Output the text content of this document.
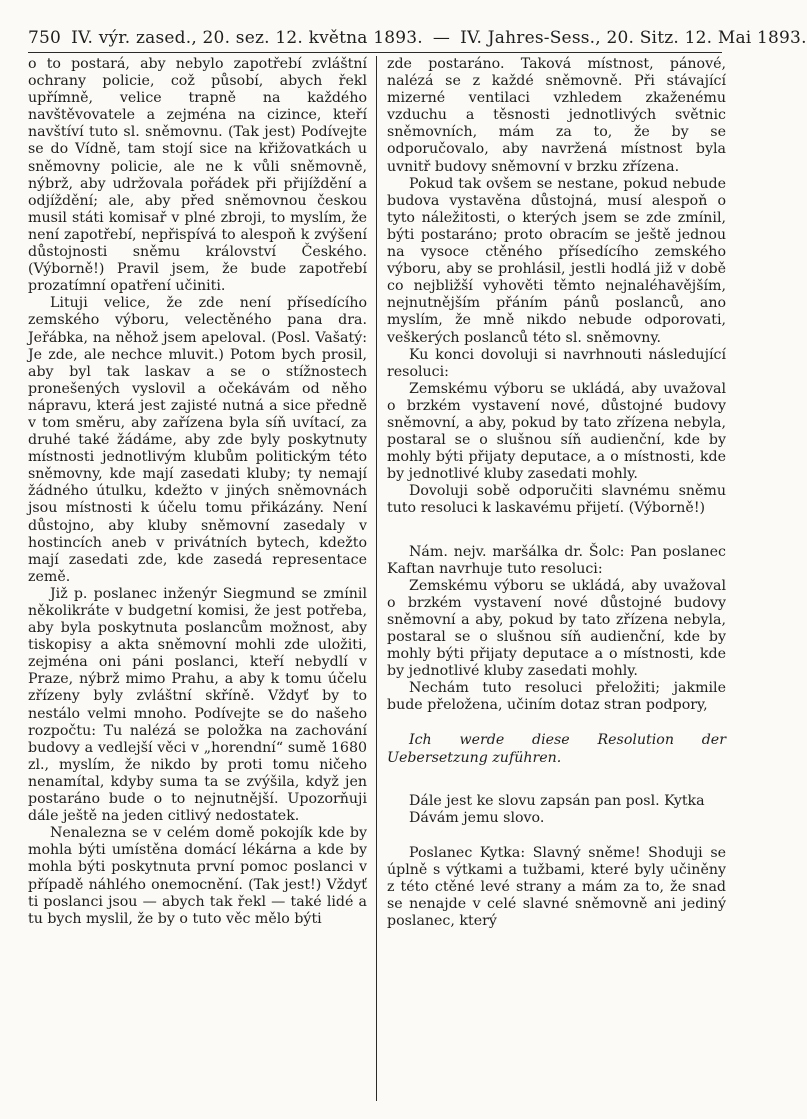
750 IV. výr. zased., 20. sez. 12. května 1893. — IV. Jahres-Sess., 20. Sitz. 12. Mai 1893.

o to postará, aby nebylo zapotřebí zvláštní ochrany policie, což působí, abych řekl upřímně, velice trapně na každého navštěvovatele a zejména na cizince, kteří navštíví tuto sl. sněmovnu. (Tak jest) Podívejte se do Vídně, tam stojí sice na křižovatkách u sněmovny policie, ale ne k vůli sněmovně, nýbrž, aby udržovala pořádek při přijíždění a odjíždění; ale, aby před sněmovnou českou musil státi komisař v plné zbroji, to myslím, že není zapotřebí, nepřispívá to alespoň k zvýšení důstojnosti sněmu království Českého. (Výborně!) Pravil jsem, že bude zapotřebí prozatímní opatření učiniti.

Lituji velice, že zde není přísedícího zemského výboru, velectěného pana dra. Jeřábka, na něhož jsem apeloval. (Posl. Vašatý: Je zde, ale nechce mluvit.) Potom bych prosil, aby byl tak laskav a se o stížnostech pronešených vyslovil a očekávám od něho nápravu, která jest zajisté nutná a sice předně v tom směru, aby zařízena byla síň uvítací, za druhé také žádáme, aby zde byly poskytnuty místnosti jednotlivým klubům politickým této sněmovny, kde mají zasedati kluby; ty nemají žádného útulku, kdežto v jiných sněmovnách jsou místnosti k účelu tomu přikázány. Není důstojno, aby kluby sněmovní zasedaly v hostincích aneb v privátních bytech, kdežto mají zasedati zde, kde zasedá representace země.

Již p. poslanec inženýr Siegmund se zmínil několikráte v budgetní komisi, že jest potřeba, aby byla poskytnuta poslancům možnost, aby tiskopisy a akta sněmovní mohli zde uložiti, zejména oni páni poslanci, kteří nebydlí v Praze, nýbrž mimo Prahu, a aby k tomu účelu zřízeny byly zvláštní skříně. Vždyť by to nestálo velmi mnoho. Podívejte se do našeho rozpočtu: Tu nalézá se položka na zachování budovy a vedlejší věci v „horendní“ sumě 1680 zl., myslím, že nikdo by proti tomu ničeho nenamítal, kdyby suma ta se zvýšila, když jen postaráno bude o to nejnutnější. Upozorňuji dále ještě na jeden citlivý nedostatek.

Nenalezna se v celém domě pokojík kde by mohla býti umístěna domácí lékárna a kde by mohla býti poskytnuta první pomoc poslanci v případě náhlého onemocnění. (Tak jest!) Vždyť ti poslanci jsou — abych tak řekl — také lidé a tu bych myslil, že by o tuto věc mělo býti

zde postaráno. Taková místnost, pánové, nalézá se z každé sněmovně. Při stávající mizerné ventilaci vzhledem zkaženému vzduchu a těsnosti jednotlivých světnic sněmovních, mám za to, že by se odporučovalo, aby navržená místnost byla uvnitř budovy sněmovní v brzku zřízena.

Pokud tak ovšem se nestane, pokud nebude budova vystavěna důstojná, musí alespoň o tyto náležitosti, o kterých jsem se zde zmínil, býti postaráno; proto obracím se ještě jednou na vysoce ctěného přísedícího zemského výboru, aby se prohlásil, jestli hodlá již v době co nejbližší vyhověti těmto nejnaléhavějším, nejnutnějším přáním pánů poslanců, ano myslím, že mně nikdo nebude odporovati, veškerých poslanců této sl. sněmovny.

Ku konci dovoluji si navrhnouti následující resoluci:

Zemskému výboru se ukládá, aby uvažoval o brzkém vystavení nové, důstojné budovy sněmovní, a aby, pokud by tato zřízena nebyla, postaral se o slušnou síň audienční, kde by mohly býti přijaty deputace, a o místnosti, kde by jednotlivé kluby zasedati mohly.

Dovoluji sobě odporučiti slavnému sněmu tuto resoluci k laskavému přijetí. (Výborně!)

Nám. nejv. maršálka dr. Šolc: Pan poslanec Kaftan navrhuje tuto resoluci:

Zemskému výboru se ukládá, aby uvažoval o brzkém vystavení nové důstojné budovy sněmovní a aby, pokud by tato zřízena nebyla, postaral se o slušnou síň audienční, kde by mohly býti přijaty deputace a o místnosti, kde by jednotlivé kluby zasedati mohly.

Nechám tuto resoluci přeložiti; jakmile bude přeložena, učiním dotaz stran podpory,

Ich werde diese Resolution der Uebersetzung zuführen.

Dále jest ke slovu zapsán pan posl. Kytka

Dávám jemu slovo.

Poslanec Kytka: Slavný sněme! Shoduji se úplně s výtkami a tužbami, které byly učiněny z této ctěné levé strany a mám za to, že snad se nenajde v celé slavné sněmovně ani jediný poslanec, který
